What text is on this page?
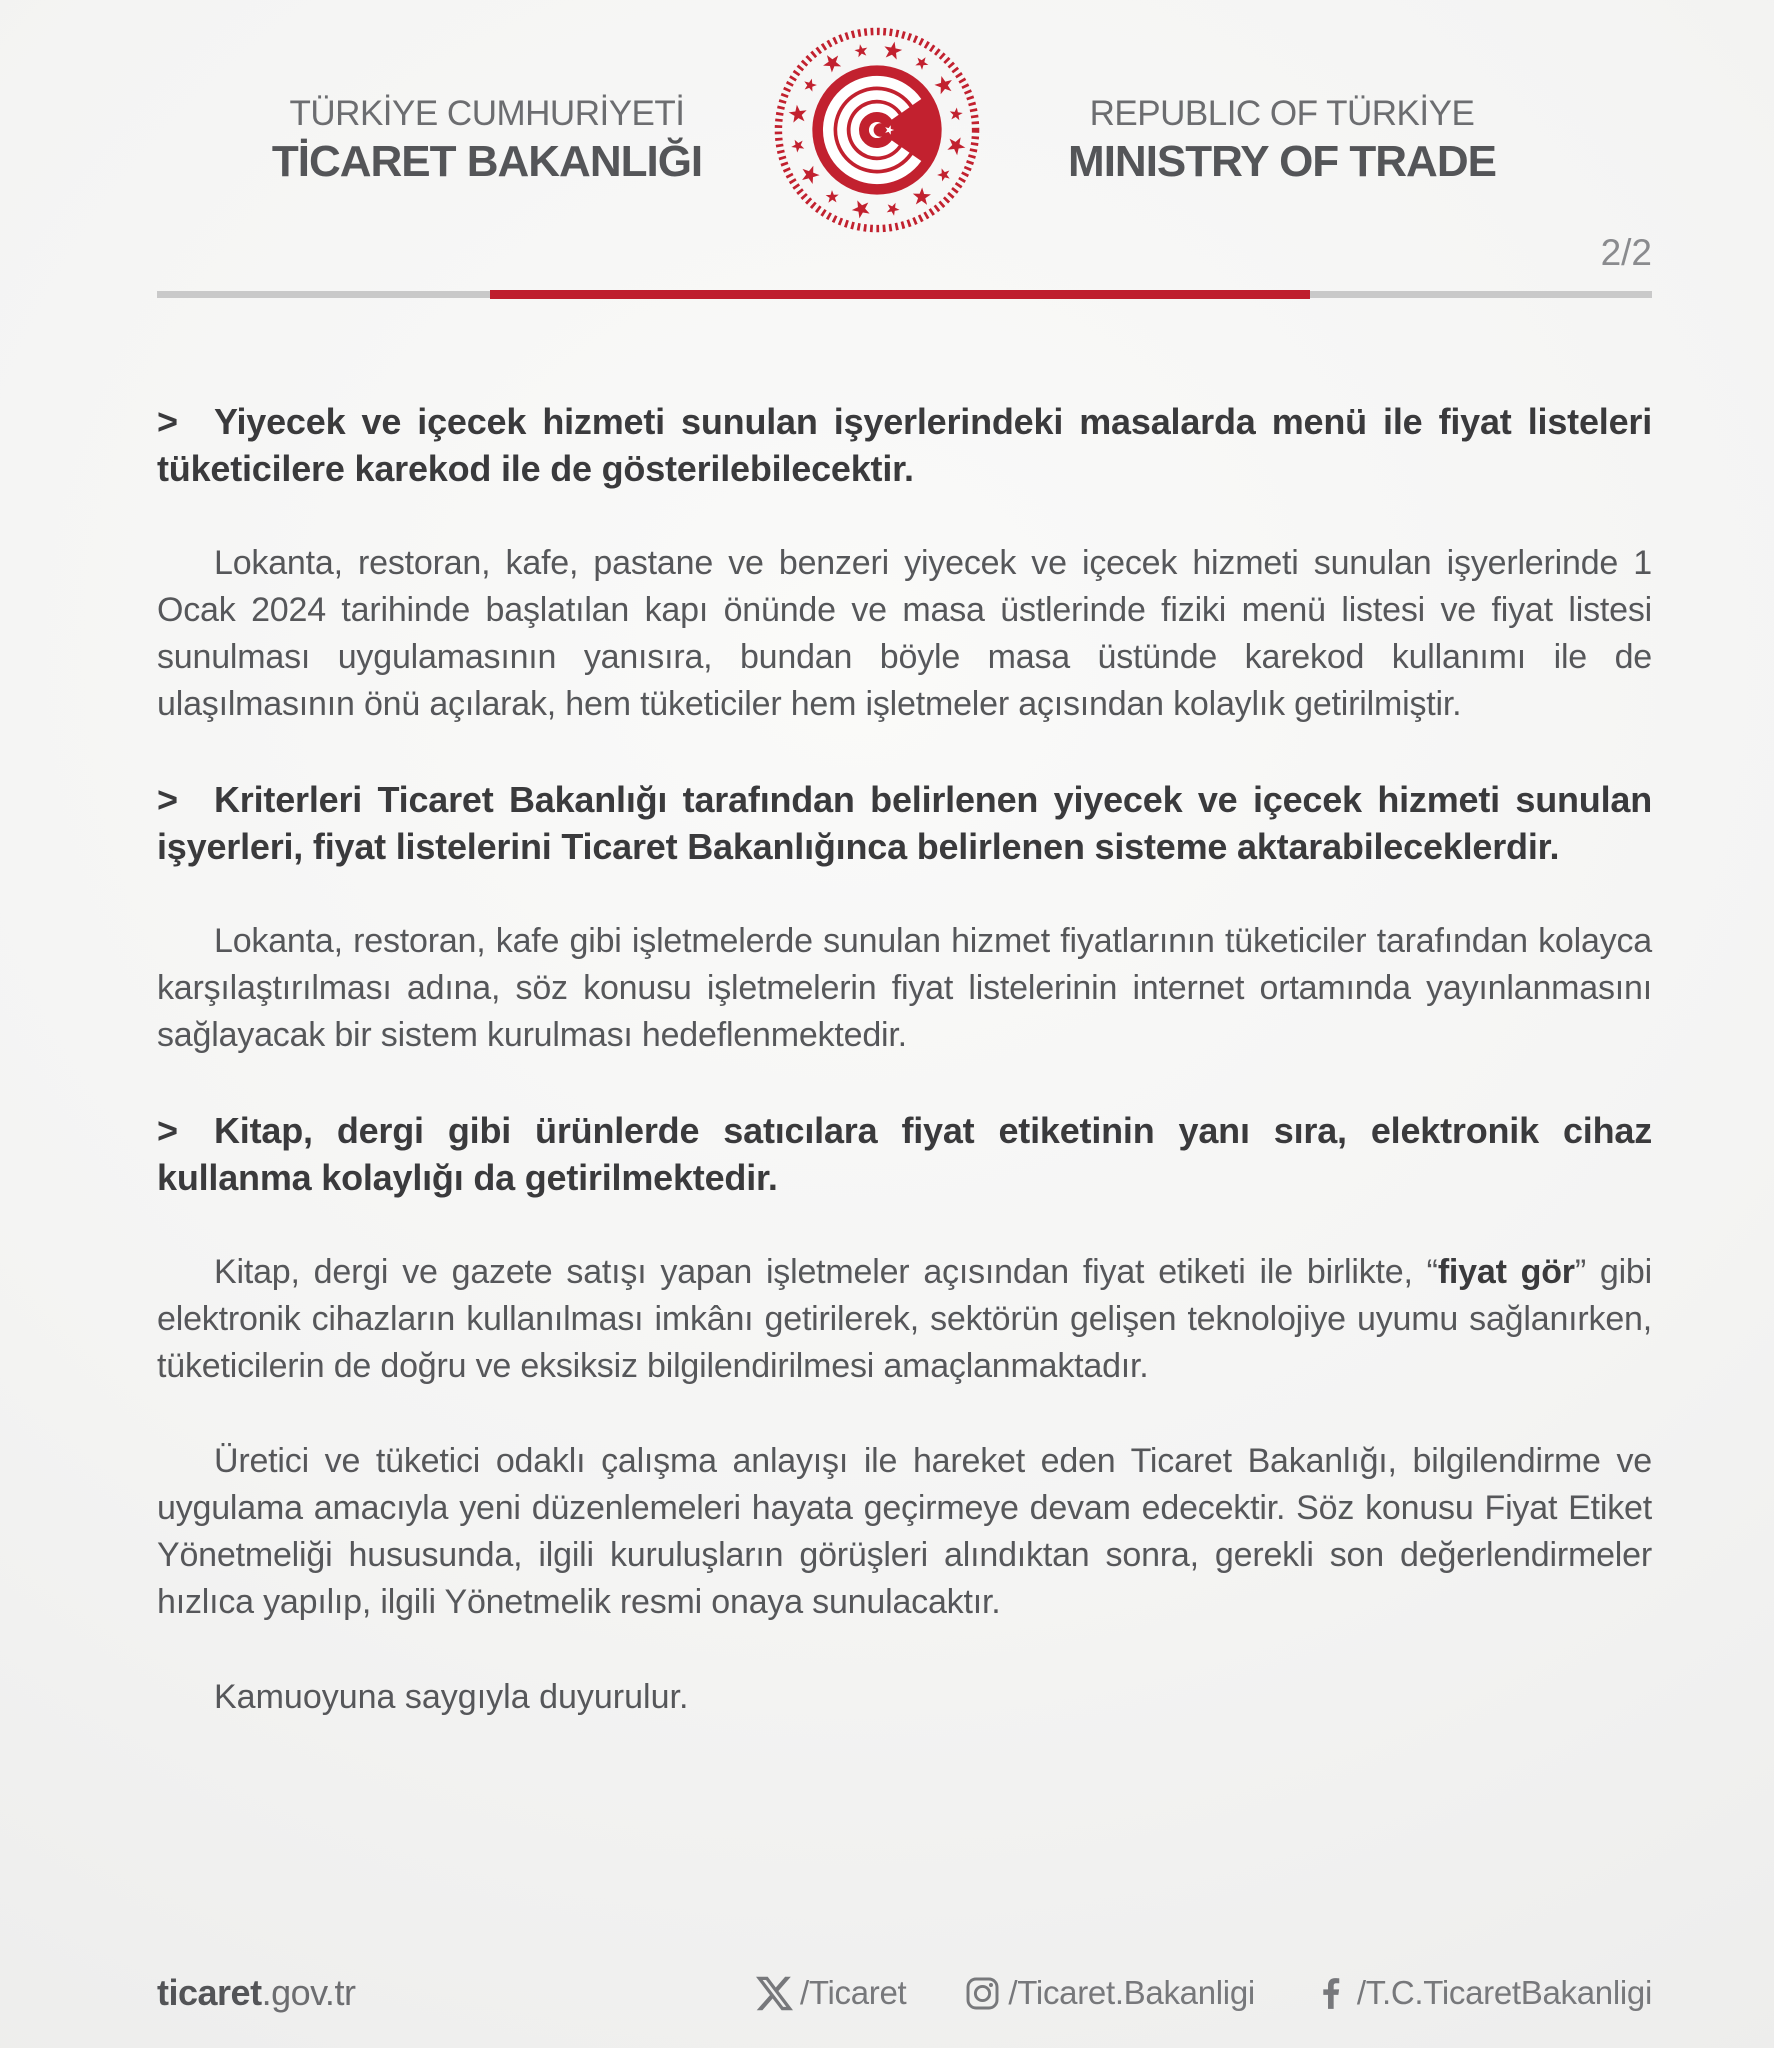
TÜRKİYE CUMHURİYETİ
TİCARET BAKANLIĞI
REPUBLIC OF TÜRKİYE
MINISTRY OF TRADE
2/2

> Yiyecek ve içecek hizmeti sunulan işyerlerindeki masalarda menü ile fiyat listeleri tüketicilere karekod ile de gösterilebilecektir.

Lokanta, restoran, kafe, pastane ve benzeri yiyecek ve içecek hizmeti sunulan işyerlerinde 1 Ocak 2024 tarihinde başlatılan kapı önünde ve masa üstlerinde fiziki menü listesi ve fiyat listesi sunulması uygulamasının yanısıra, bundan böyle masa üstünde karekod kullanımı ile de ulaşılmasının önü açılarak, hem tüketiciler hem işletmeler açısından kolaylık getirilmiştir.

> Kriterleri Ticaret Bakanlığı tarafından belirlenen yiyecek ve içecek hizmeti sunulan işyerleri, fiyat listelerini Ticaret Bakanlığınca belirlenen sisteme aktarabileceklerdir.

Lokanta, restoran, kafe gibi işletmelerde sunulan hizmet fiyatlarının tüketiciler tarafından kolayca karşılaştırılması adına, söz konusu işletmelerin fiyat listelerinin internet ortamında yayınlanmasını sağlayacak bir sistem kurulması hedeflenmektedir.

> Kitap, dergi gibi ürünlerde satıcılara fiyat etiketinin yanı sıra, elektronik cihaz kullanma kolaylığı da getirilmektedir.

Kitap, dergi ve gazete satışı yapan işletmeler açısından fiyat etiketi ile birlikte, “fiyat gör” gibi elektronik cihazların kullanılması imkânı getirilerek, sektörün gelişen teknolojiye uyumu sağlanırken, tüketicilerin de doğru ve eksiksiz bilgilendirilmesi amaçlanmaktadır.

Üretici ve tüketici odaklı çalışma anlayışı ile hareket eden Ticaret Bakanlığı, bilgilendirme ve uygulama amacıyla yeni düzenlemeleri hayata geçirmeye devam edecektir. Söz konusu Fiyat Etiket Yönetmeliği hususunda, ilgili kuruluşların görüşleri alındıktan sonra, gerekli son değerlendirmeler hızlıca yapılıp, ilgili Yönetmelik resmi onaya sunulacaktır.

Kamuoyuna saygıyla duyurulur.

ticaret.gov.tr	/Ticaret	/Ticaret.Bakanligi	/T.C.TicaretBakanligi
